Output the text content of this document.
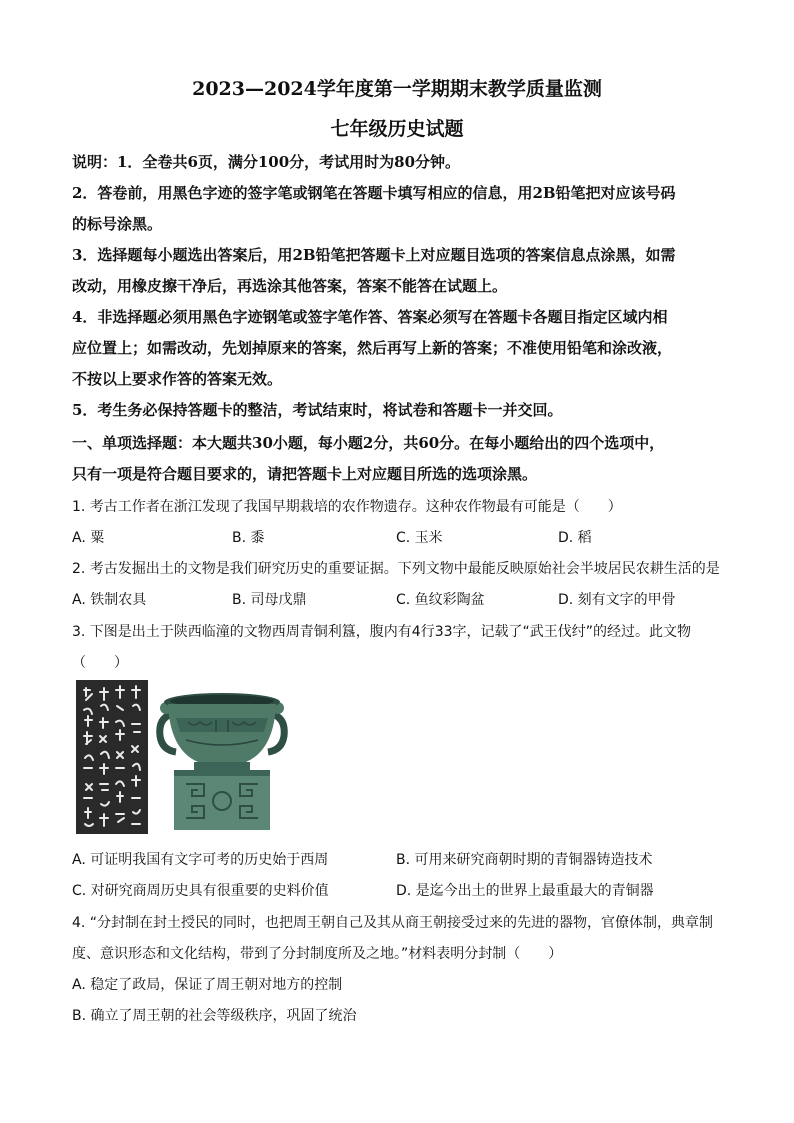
2023—2024学年度第一学期期末教学质量监测
七年级历史试题
说明：1．全卷共6页，满分100分，考试用时为80分钟。
2．答卷前，用黑色字迹的签字笔或钢笔在答题卡填写相应的信息，用2B铅笔把对应该号码
的标号涂黑。
3．选择题每小题选出答案后，用2B铅笔把答题卡上对应题目选项的答案信息点涂黑，如需
改动，用橡皮擦干净后，再选涂其他答案，答案不能答在试题上。
4．非选择题必须用黑色字迹钢笔或签字笔作答、答案必须写在答题卡各题目指定区域内相
应位置上；如需改动，先划掉原来的答案，然后再写上新的答案；不准使用铅笔和涂改液，
不按以上要求作答的答案无效。
5．考生务必保持答题卡的整洁，考试结束时，将试卷和答题卡一并交回。
一、单项选择题：本大题共30小题，每小题2分，共60分。在每小题给出的四个选项中，
只有一项是符合题目要求的，请把答题卡上对应题目所选的选项涂黑。
1. 考古工作者在浙江发现了我国早期栽培的农作物遗存。这种农作物最有可能是（　　）
A. 粟	B. 黍	C. 玉米	D. 稻
2. 考古发掘出土的文物是我们研究历史的重要证据。下列文物中最能反映原始社会半坡居民农耕生活的是
A. 铁制农具	B. 司母戊鼎	C. 鱼纹彩陶盆	D. 刻有文字的甲骨
3. 下图是出土于陕西临潼的文物西周青铜利簋，腹内有4行33字，记载了“武王伐纣”的经过。此文物
（　　）
A. 可证明我国有文字可考的历史始于西周	B. 可用来研究商朝时期的青铜器铸造技术
C. 对研究商周历史具有很重要的史料价值	D. 是迄今出土的世界上最重最大的青铜器
4. “分封制在封土授民的同时，也把周王朝自己及其从商王朝接受过来的先进的器物，官僚体制，典章制
度、意识形态和文化结构，带到了分封制度所及之地。”材料表明分封制（　　）
A. 稳定了政局，保证了周王朝对地方的控制
B. 确立了周王朝的社会等级秩序，巩固了统治
